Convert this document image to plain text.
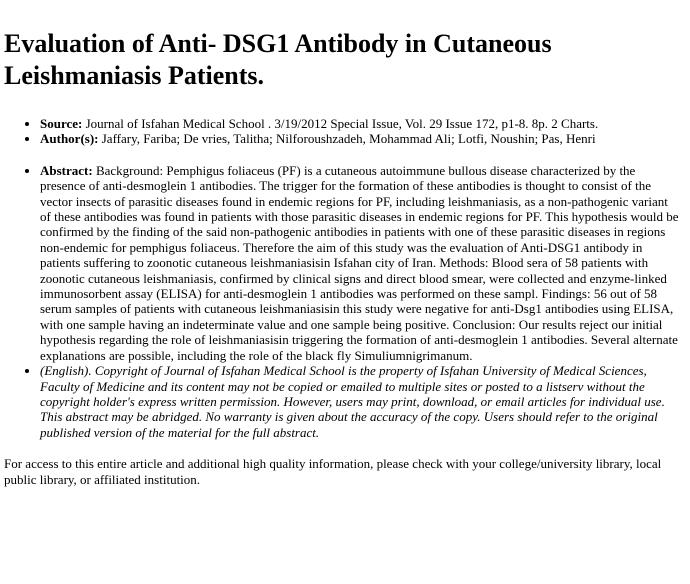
Evaluation of Anti- DSG1 Antibody in Cutaneous Leishmaniasis Patients.
• Source: Journal of Isfahan Medical School . 3/19/2012 Special Issue, Vol. 29 Issue 172, p1-8. 8p. 2 Charts.
• Author(s): Jaffary, Fariba; De vries, Talitha; Nilforoushzadeh, Mohammad Ali; Lotfi, Noushin; Pas, Henri
• Abstract: Background: Pemphigus foliaceus (PF) is a cutaneous autoimmune bullous disease characterized by the presence of anti-desmoglein 1 antibodies. The trigger for the formation of these antibodies is thought to consist of the vector insects of parasitic diseases found in endemic regions for PF, including leishmaniasis, as a non-pathogenic variant of these antibodies was found in patients with those parasitic diseases in endemic regions for PF. This hypothesis would be confirmed by the finding of the said non-pathogenic antibodies in patients with one of these parasitic diseases in regions non-endemic for pemphigus foliaceus. Therefore the aim of this study was the evaluation of Anti-DSG1 antibody in patients suffering to zoonotic cutaneous leishmaniasisin Isfahan city of Iran. Methods: Blood sera of 58 patients with zoonotic cutaneous leishmaniasis, confirmed by clinical signs and direct blood smear, were collected and enzyme-linked immunosorbent assay (ELISA) for anti-desmoglein 1 antibodies was performed on these sampl. Findings: 56 out of 58 serum samples of patients with cutaneous leishmaniasisin this study were negative for anti-Dsg1 antibodies using ELISA, with one sample having an indeterminate value and one sample being positive. Conclusion: Our results reject our initial hypothesis regarding the role of leishmaniasisin triggering the formation of anti-desmoglein 1 antibodies. Several alternate explanations are possible, including the role of the black fly Simuliumnigrimanum.
• (English). Copyright of Journal of Isfahan Medical School is the property of Isfahan University of Medical Sciences, Faculty of Medicine and its content may not be copied or emailed to multiple sites or posted to a listserv without the copyright holder's express written permission. However, users may print, download, or email articles for individual use. This abstract may be abridged. No warranty is given about the accuracy of the copy. Users should refer to the original published version of the material for the full abstract.

For access to this entire article and additional high quality information, please check with your college/university library, local public library, or affiliated institution.
